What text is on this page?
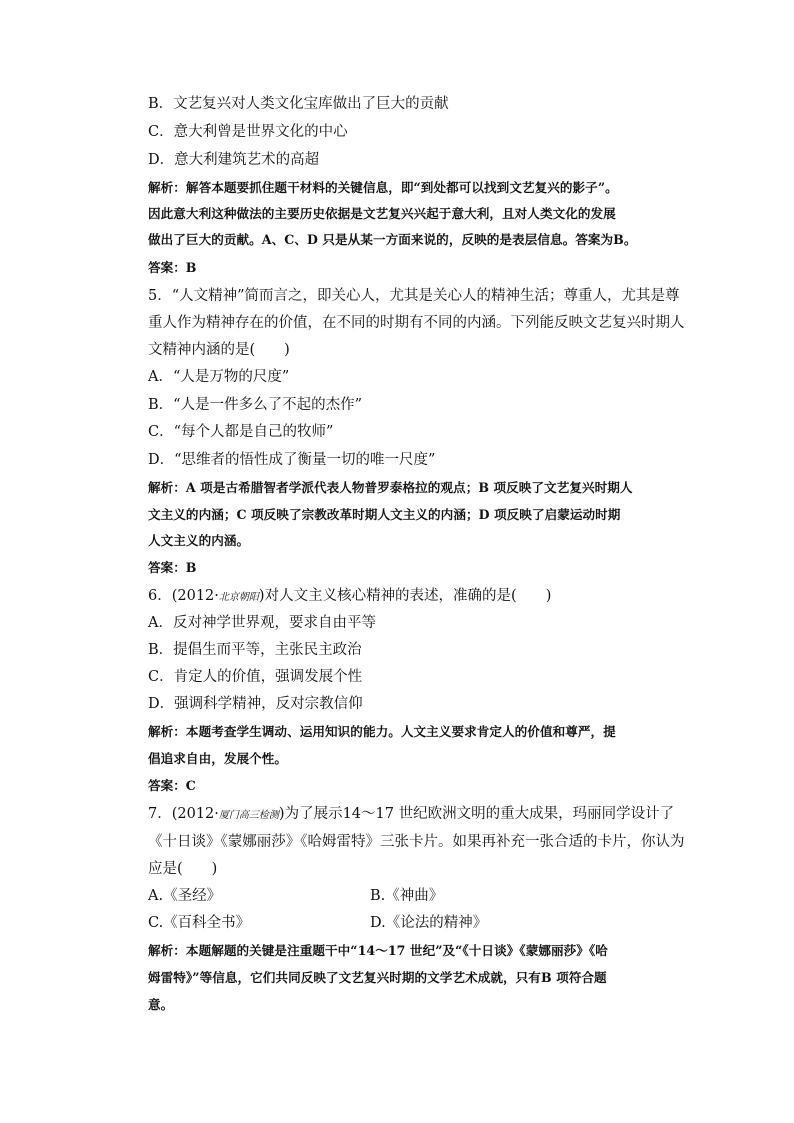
B．文艺复兴对人类文化宝库做出了巨大的贡献
C．意大利曾是世界文化的中心
D．意大利建筑艺术的高超
解析：解答本题要抓住题干材料的关键信息，即“到处都可以找到文艺复兴的影子”。
因此意大利这种做法的主要历史依据是文艺复兴兴起于意大利，且对人类文化的发展
做出了巨大的贡献。A、C、D 只是从某一方面来说的，反映的是表层信息。答案为B。
答案：B
5．“人文精神”简而言之，即关心人，尤其是关心人的精神生活；尊重人，尤其是尊
重人作为精神存在的价值，在不同的时期有不同的内涵。下列能反映文艺复兴时期人
文精神内涵的是(　　)
A．“人是万物的尺度”
B．“人是一件多么了不起的杰作”
C．“每个人都是自己的牧师”
D．“思维者的悟性成了衡量一切的唯一尺度”
解析：A 项是古希腊智者学派代表人物普罗泰格拉的观点；B 项反映了文艺复兴时期人
文主义的内涵；C 项反映了宗教改革时期人文主义的内涵；D 项反映了启蒙运动时期
人文主义的内涵。
答案：B
6．(2012·北京朝阳)对人文主义核心精神的表述，准确的是(　　)
A．反对神学世界观，要求自由平等
B．提倡生而平等，主张民主政治
C．肯定人的价值，强调发展个性
D．强调科学精神，反对宗教信仰
解析：本题考查学生调动、运用知识的能力。人文主义要求肯定人的价值和尊严，提
倡追求自由，发展个性。
答案：C
7．(2012·厦门高三检测)为了展示14～17 世纪欧洲文明的重大成果，玛丽同学设计了
《十日谈》《蒙娜丽莎》《哈姆雷特》三张卡片。如果再补充一张合适的卡片，你认为
应是(　　)
A.《圣经》	B.《神曲》
C.《百科全书》	D.《论法的精神》
解析：本题解题的关键是注重题干中“14～17 世纪”及“《十日谈》《蒙娜丽莎》《哈
姆雷特》”等信息，它们共同反映了文艺复兴时期的文学艺术成就，只有B 项符合题
意。
